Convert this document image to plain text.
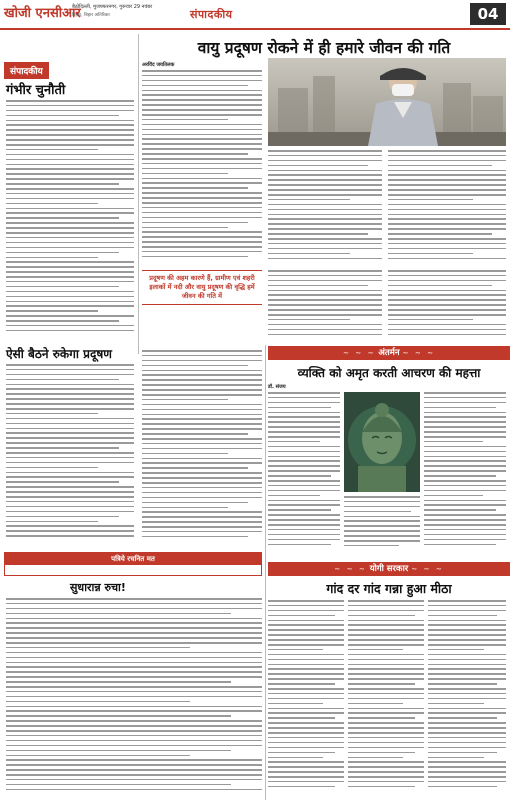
खोजी एनसीआर
बैठोदिल्ली, मुजफ्फरनगर, गुरूवार 29 नवंबर
विहार, बिहार अतिरिक्त	संपादकीय	04
संपादकीय
गंभीर चुनौती
वायु प्रदूषण रोकने में ही हमारे जीवन की गति
अरविंद जयतिलक
प्रदूषण की अहम कारणे हैं, ग्रामीण एवं शहरी इलाकों में नदी और वायु प्रदूषण की वृद्धि हमें जीवन की गति में
ऐसी बैठने रुकेगा प्रदूषण
पत्रिये रचनित मत
सुधारान्न रुचा!
~ ~ ~ अंतर्मन ~ ~ ~
व्यक्ति को अमृत करती आचरण की महत्ता
डॉ. संजय
~ ~ ~ योगी सरकार ~ ~ ~
गांद दर गांद गन्ना हुआ मीठा
